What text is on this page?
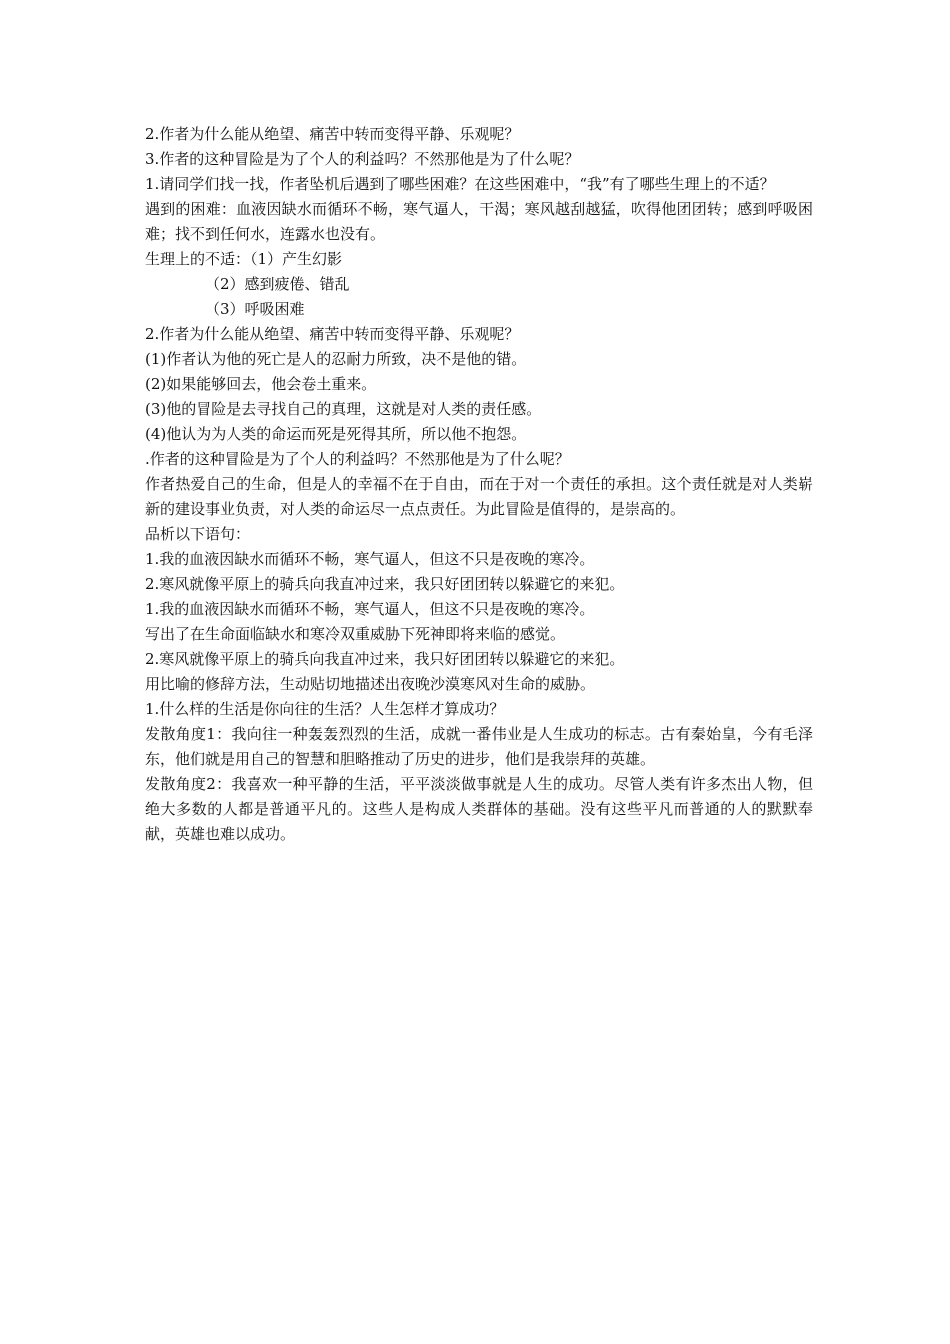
2.作者为什么能从绝望、痛苦中转而变得平静、乐观呢？

3.作者的这种冒险是为了个人的利益吗？不然那他是为了什么呢？

1.请同学们找一找，作者坠机后遇到了哪些困难？在这些困难中，“我”有了哪些生理上的不适？

遇到的困难：血液因缺水而循环不畅，寒气逼人，干渴；寒风越刮越猛，吹得他团团转；感到呼吸困难；找不到任何水，连露水也没有。

生理上的不适：（1）产生幻影

（2）感到疲倦、错乱

（3）呼吸困难

2.作者为什么能从绝望、痛苦中转而变得平静、乐观呢？

(1)作者认为他的死亡是人的忍耐力所致，决不是他的错。

(2)如果能够回去，他会卷土重来。

(3)他的冒险是去寻找自己的真理，这就是对人类的责任感。

(4)他认为为人类的命运而死是死得其所，所以他不抱怨。

.作者的这种冒险是为了个人的利益吗？不然那他是为了什么呢？

作者热爱自己的生命，但是人的幸福不在于自由，而在于对一个责任的承担。这个责任就是对人类崭新的建设事业负责，对人类的命运尽一点点责任。为此冒险是值得的，是崇高的。

品析以下语句：

1.我的血液因缺水而循环不畅，寒气逼人，但这不只是夜晚的寒冷。

2.寒风就像平原上的骑兵向我直冲过来，我只好团团转以躲避它的来犯。

1.我的血液因缺水而循环不畅，寒气逼人，但这不只是夜晚的寒冷。

写出了在生命面临缺水和寒冷双重威胁下死神即将来临的感觉。

2.寒风就像平原上的骑兵向我直冲过来，我只好团团转以躲避它的来犯。

用比喻的修辞方法，生动贴切地描述出夜晚沙漠寒风对生命的威胁。

1.什么样的生活是你向往的生活？人生怎样才算成功？

发散角度1：我向往一种轰轰烈烈的生活，成就一番伟业是人生成功的标志。古有秦始皇，今有毛泽东，他们就是用自己的智慧和胆略推动了历史的进步，他们是我崇拜的英雄。

发散角度2：我喜欢一种平静的生活，平平淡淡做事就是人生的成功。尽管人类有许多杰出人物，但绝大多数的人都是普通平凡的。这些人是构成人类群体的基础。没有这些平凡而普通的人的默默奉献，英雄也难以成功。
